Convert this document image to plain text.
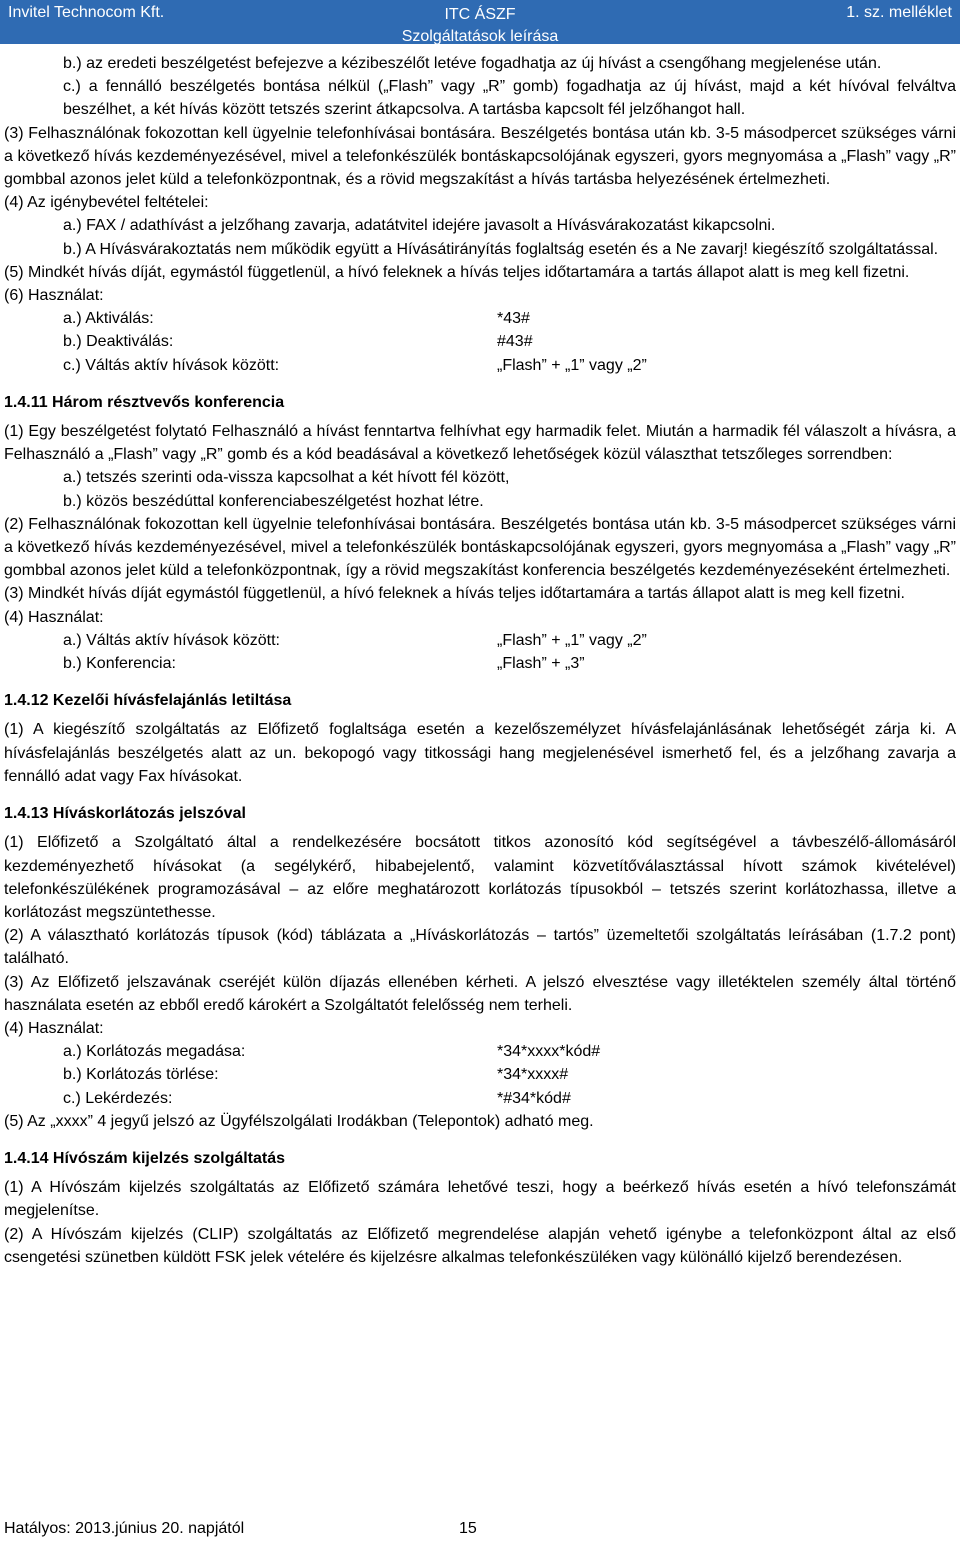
Invitel Technocom Kft.	ITC ÁSZF
Szolgáltatások leírása
1. sz. melléklet

b.) az eredeti beszélgetést befejezve a kézibeszélőt letéve fogadhatja az új hívást a csengőhang megjelenése után.

c.) a fennálló beszélgetés bontása nélkül („Flash” vagy „R” gomb) fogadhatja az új hívást, majd a két hívóval felváltva beszélhet, a két hívás között tetszés szerint átkapcsolva. A tartásba kapcsolt fél jelzőhangot hall.

(3) Felhasználónak fokozottan kell ügyelnie telefonhívásai bontására. Beszélgetés bontása után kb. 3-5 másodpercet szükséges várni a következő hívás kezdeményezésével, mivel a telefonkészülék bontáskapcsolójának egyszeri, gyors megnyomása a „Flash” vagy „R” gombbal azonos jelet küld a telefonközpontnak, és a rövid megszakítást a hívás tartásba helyezésének értelmezheti.

(4) Az igénybevétel feltételei:

a.) FAX / adathívást a jelzőhang zavarja, adatátvitel idejére javasolt a Hívásvárakozatást kikapcsolni.

b.) A Hívásvárakoztatás nem működik együtt a Hívásátirányítás foglaltság esetén és a Ne zavarj! kiegészítő szolgáltatással.

(5) Mindkét hívás díját, egymástól függetlenül, a hívó feleknek a hívás teljes időtartamára a tartás állapot alatt is meg kell fizetni.

(6) Használat:

a.) Aktiválás:	*43#
b.) Deaktiválás:	#43#
c.) Váltás aktív hívások között:	„Flash” + „1” vagy „2”

1.4.11 Három résztvevős konferencia

(1) Egy beszélgetést folytató Felhasználó a hívást fenntartva felhívhat egy harmadik felet. Miután a harmadik fél válaszolt a hívásra, a Felhasználó a „Flash” vagy „R” gomb és a kód beadásával a következő lehetőségek közül választhat tetszőleges sorrendben:

a.) tetszés szerinti oda-vissza kapcsolhat a két hívott fél között,

b.) közös beszédúttal konferenciabeszélgetést hozhat létre.

(2) Felhasználónak fokozottan kell ügyelnie telefonhívásai bontására. Beszélgetés bontása után kb. 3-5 másodpercet szükséges várni a következő hívás kezdeményezésével, mivel a telefonkészülék bontáskapcsolójának egyszeri, gyors megnyomása a „Flash” vagy „R” gombbal azonos jelet küld a telefonközpontnak, így a rövid megszakítást konferencia beszélgetés kezdeményezéseként értelmezheti.

(3) Mindkét hívás díját egymástól függetlenül, a hívó feleknek a hívás teljes időtartamára a tartás állapot alatt is meg kell fizetni.

(4) Használat:

a.) Váltás aktív hívások között:	„Flash” + „1” vagy „2”
b.) Konferencia:	„Flash” + „3”

1.4.12 Kezelői hívásfelajánlás letiltása

(1) A kiegészítő szolgáltatás az Előfizető foglaltsága esetén a kezelőszemélyzet hívásfelajánlásának lehetőségét zárja ki. A hívásfelajánlás beszélgetés alatt az un. bekopogó vagy titkossági hang megjelenésével ismerhető fel, és a jelzőhang zavarja a fennálló adat vagy Fax hívásokat.

1.4.13 Híváskorlátozás jelszóval

(1) Előfizető a Szolgáltató által a rendelkezésére bocsátott titkos azonosító kód segítségével a távbeszélő-állomásáról kezdeményezhető hívásokat (a segélykérő, hibabejelentő, valamint közvetítőválasztással hívott számok kivételével) telefonkészülékének programozásával – az előre meghatározott korlátozás típusokból – tetszés szerint korlátozhassa, illetve a korlátozást megszüntethesse.

(2) A választható korlátozás típusok (kód) táblázata a „Híváskorlátozás – tartós” üzemeltetői szolgáltatás leírásában (1.7.2 pont) található.

(3) Az Előfizető jelszavának cseréjét külön díjazás ellenében kérheti. A jelszó elvesztése vagy illetéktelen személy által történő használata esetén az ebből eredő károkért a Szolgáltatót felelősség nem terheli.

(4) Használat:

a.) Korlátozás megadása:	*34*xxxx*kód#
b.) Korlátozás törlése:	*34*xxxx#
c.) Lekérdezés:	*#34*kód#

(5) Az „xxxx” 4 jegyű jelszó az Ügyfélszolgálati Irodákban (Telepontok) adható meg.

1.4.14 Hívószám kijelzés szolgáltatás

(1) A Hívószám kijelzés szolgáltatás az Előfizető számára lehetővé teszi, hogy a beérkező hívás esetén a hívó telefonszámát megjelenítse.

(2) A Hívószám kijelzés (CLIP) szolgáltatás az Előfizető megrendelése alapján vehető igénybe a telefonközpont által az első csengetési szünetben küldött FSK jelek vételére és kijelzésre alkalmas telefonkészüléken vagy különálló kijelző berendezésen.

Hatályos: 2013.június 20. napjától	15
